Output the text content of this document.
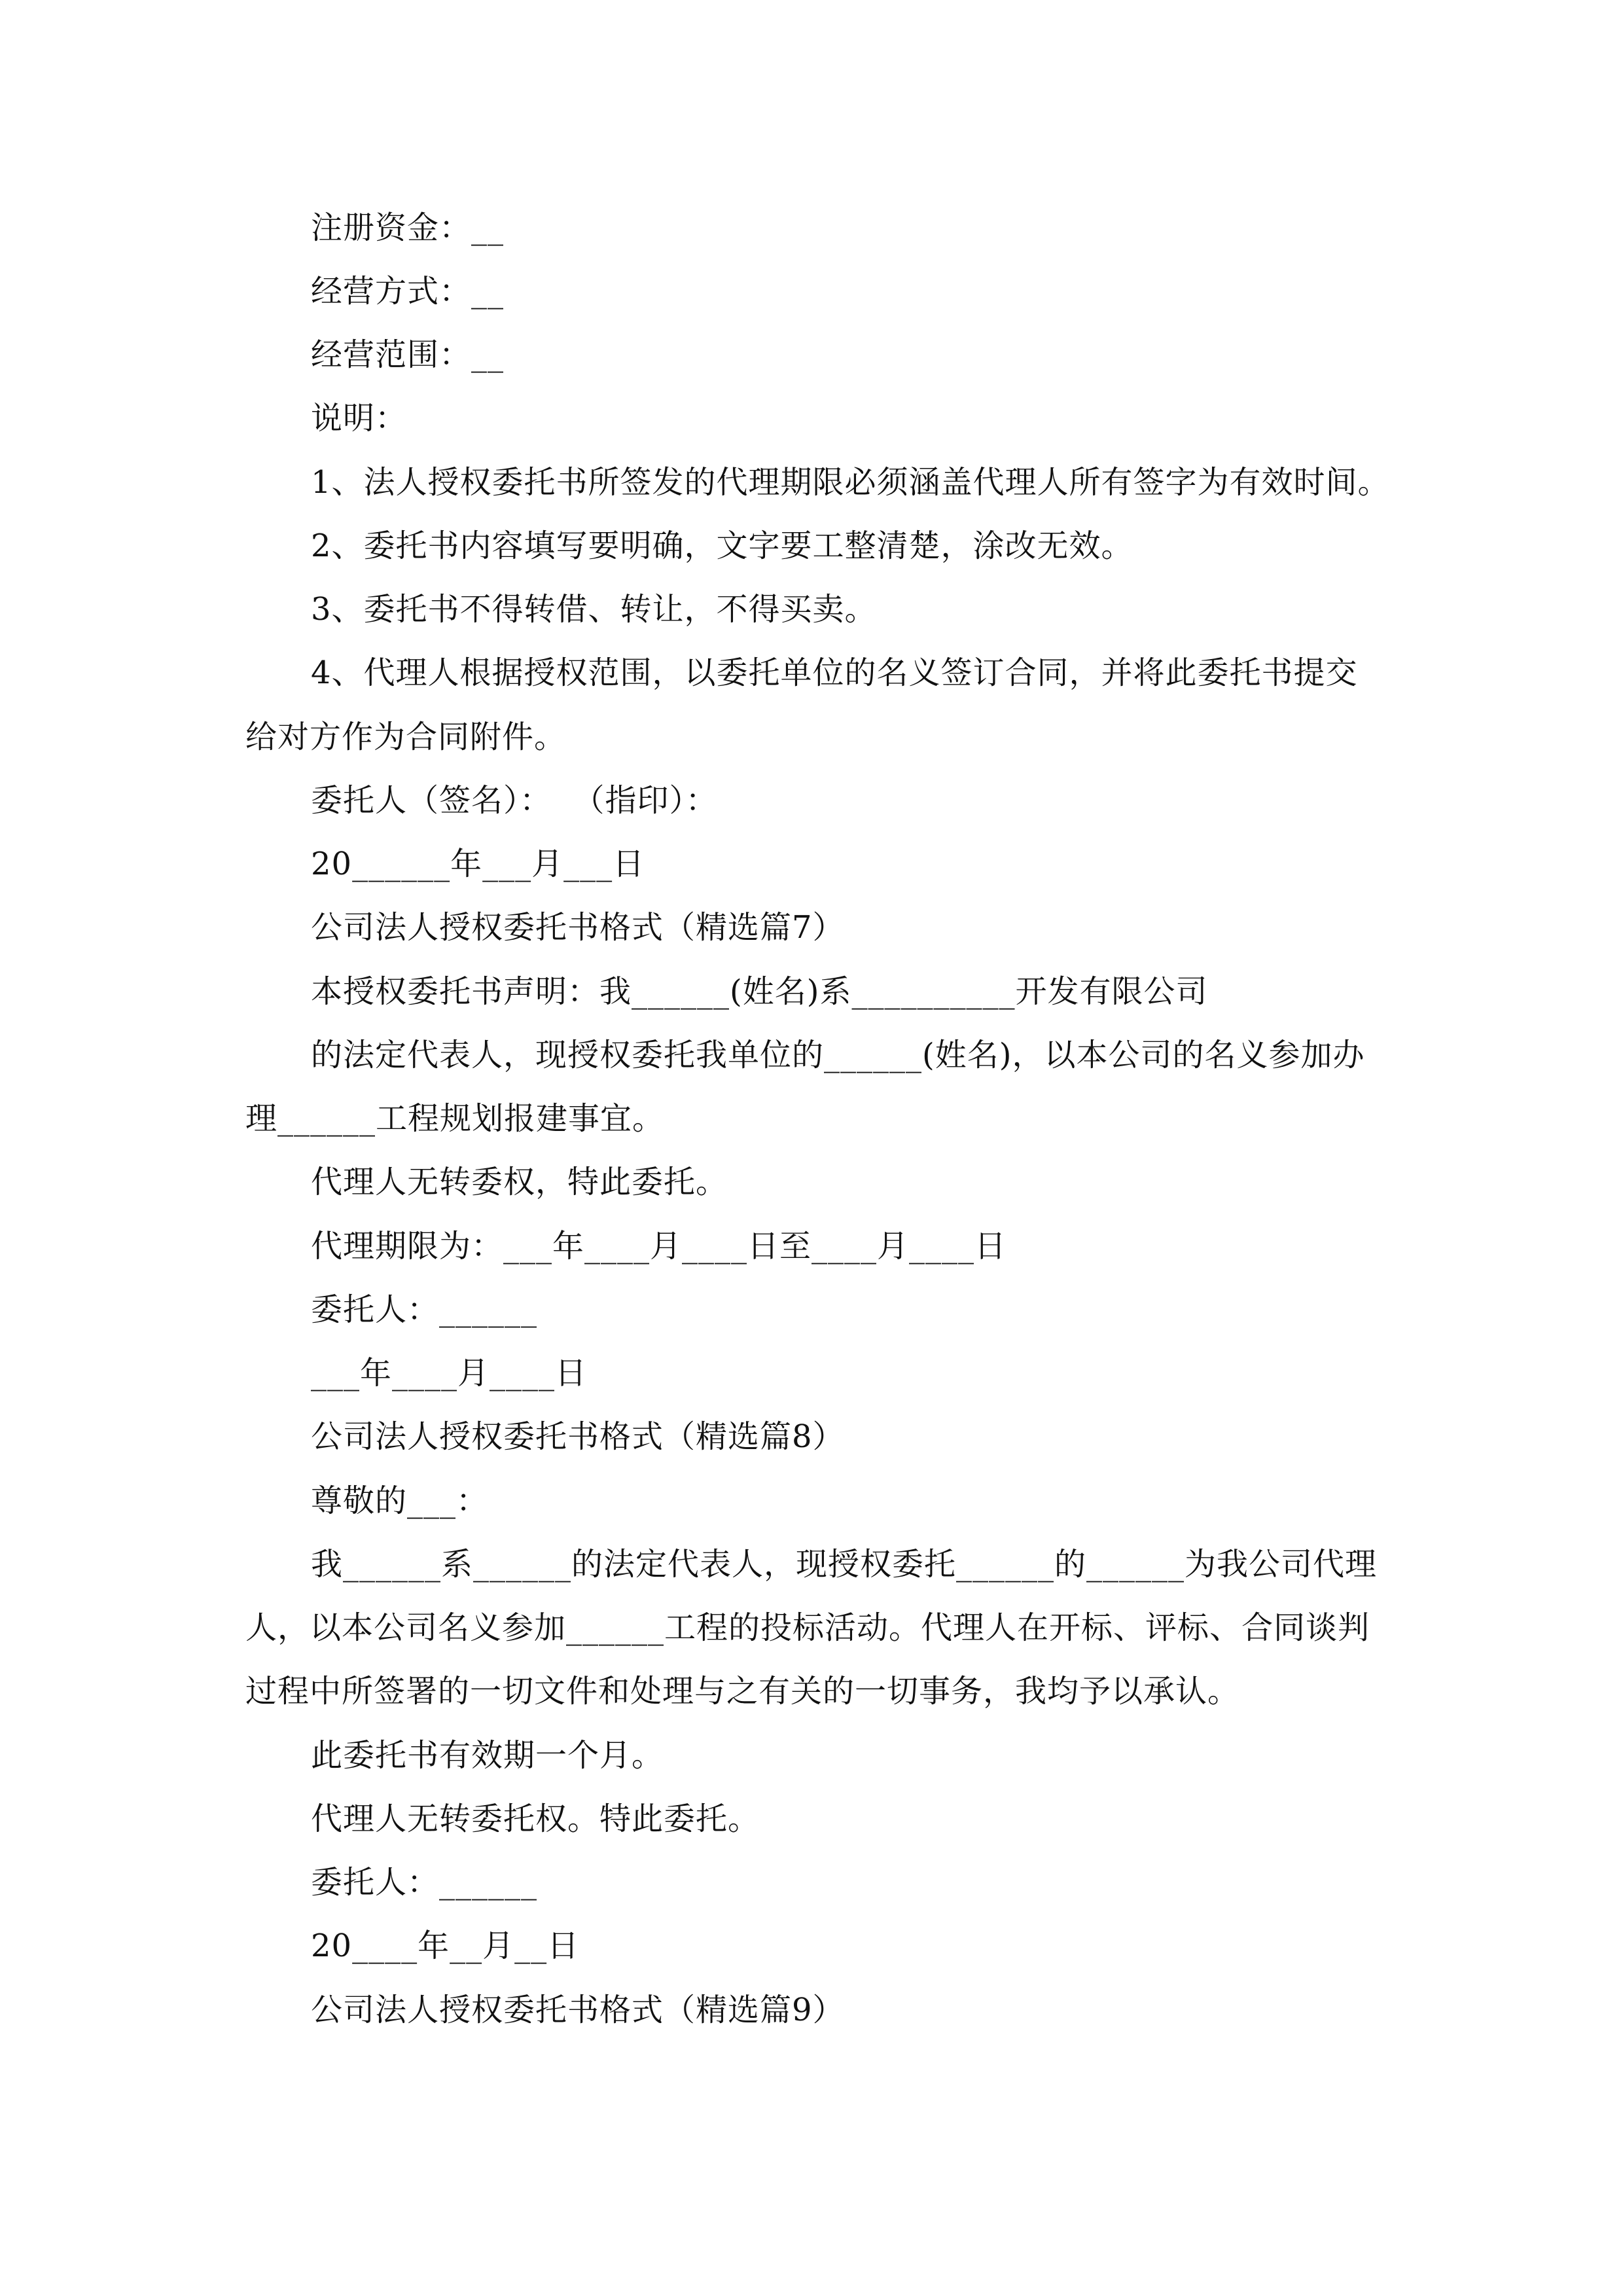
注册资金：__
经营方式：__
经营范围：__
说明：
1、法人授权委托书所签发的代理期限必须涵盖代理人所有签字为有效时间。
2、委托书内容填写要明确，文字要工整清楚，涂改无效。
3、委托书不得转借、转让，不得买卖。
4、代理人根据授权范围，以委托单位的名义签订合同，并将此委托书提交
给对方作为合同附件。
委托人（签名）：  （指印）：
20______年___月___日
公司法人授权委托书格式（精选篇7）
本授权委托书声明：我______(姓名)系__________开发有限公司
的法定代表人，现授权委托我单位的______(姓名)，以本公司的名义参加办
理______工程规划报建事宜。
代理人无转委权，特此委托。
代理期限为：___年____月____日至____月____日
委托人：______
___年____月____日
公司法人授权委托书格式（精选篇8）
尊敬的___：
我______系______的法定代表人，现授权委托______的______为我公司代理
人，以本公司名义参加______工程的投标活动。代理人在开标、评标、合同谈判
过程中所签署的一切文件和处理与之有关的一切事务，我均予以承认。
此委托书有效期一个月。
代理人无转委托权。特此委托。
委托人：______
20____年__月__日
公司法人授权委托书格式（精选篇9）
